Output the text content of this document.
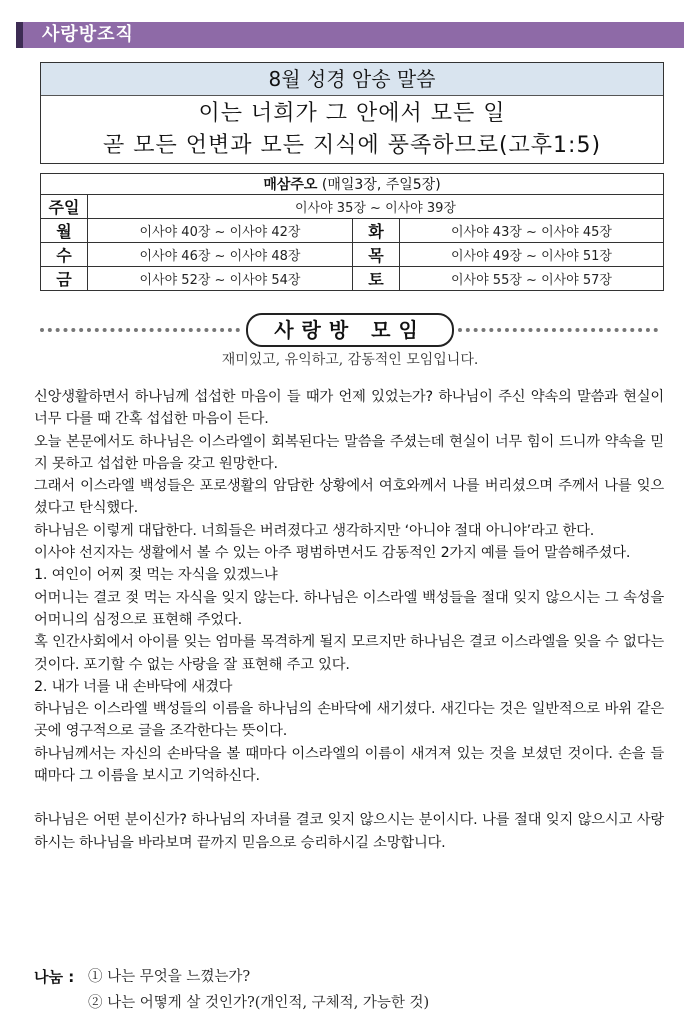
사랑방조직
8월 성경 암송 말씀
이는 너희가 그 안에서 모든 일
곧 모든 언변과 모든 지식에 풍족하므로(고후1:5)
매삼주오 (매일3장, 주일5장)			
주일	이사야 35장 ~ 이사야 39장		
월	이사야 40장 ~ 이사야 42장	화	이사야 43장 ~ 이사야 45장
수	이사야 46장 ~ 이사야 48장	목	이사야 49장 ~ 이사야 51장
금	이사야 52장 ~ 이사야 54장	토	이사야 55장 ~ 이사야 57장
사랑방 모임
재미있고, 유익하고, 감동적인 모임입니다.

신앙생활하면서 하나님께 섭섭한 마음이 들 때가 언제 있었는가? 하나님이 주신 약속의 말씀과 현실이 너무 다를 때 간혹 섭섭한 마음이 든다.

오늘 본문에서도 하나님은 이스라엘이 회복된다는 말씀을 주셨는데 현실이 너무 힘이 드니까 약속을 믿지 못하고 섭섭한 마음을 갖고 원망한다.

그래서 이스라엘 백성들은 포로생활의 암담한 상황에서 여호와께서 나를 버리셨으며 주께서 나를 잊으셨다고 탄식했다.

하나님은 이렇게 대답한다. 너희들은 버려졌다고 생각하지만 ‘아니야 절대 아니야’라고 한다.

이사야 선지자는 생활에서 볼 수 있는 아주 평범하면서도 감동적인 2가지 예를 들어 말씀해주셨다.

1. 여인이 어찌 젖 먹는 자식을 있겠느냐

어머니는 결코 젖 먹는 자식을 잊지 않는다. 하나님은 이스라엘 백성들을 절대 잊지 않으시는 그 속성을 어머니의 심정으로 표현해 주었다.

혹 인간사회에서 아이를 잊는 엄마를 목격하게 될지 모르지만 하나님은 결코 이스라엘을 잊을 수 없다는 것이다. 포기할 수 없는 사랑을 잘 표현해 주고 있다.

2. 내가 너를 내 손바닥에 새겼다

하나님은 이스라엘 백성들의 이름을 하나님의 손바닥에 새기셨다. 새긴다는 것은 일반적으로 바위 같은 곳에 영구적으로 글을 조각한다는 뜻이다.

하나님께서는 자신의 손바닥을 볼 때마다 이스라엘의 이름이 새겨져 있는 것을 보셨던 것이다. 손을 들 때마다 그 이름을 보시고 기억하신다.

하나님은 어떤 분이신가? 하나님의 자녀를 결코 잊지 않으시는 분이시다. 나를 절대 잊지 않으시고 사랑하시는 하나님을 바라보며 끝까지 믿음으로 승리하시길 소망합니다.

나눔 : ① 나는 무엇을 느꼈는가?
② 나는 어떻게 살 것인가?(개인적, 구체적, 가능한 것)
